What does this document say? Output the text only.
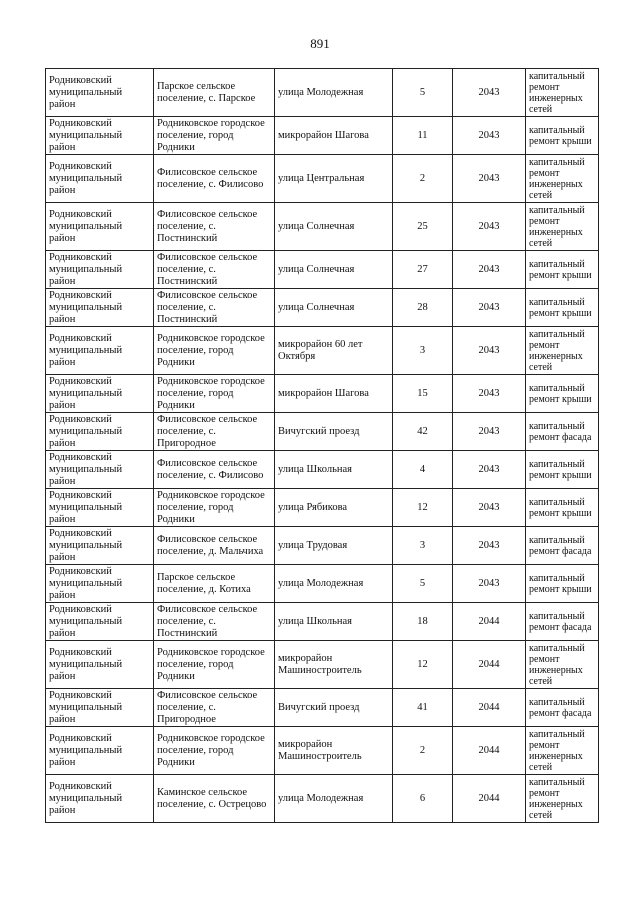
891
Родниковский муниципальный район	Парское сельское поселение, с. Парское	улица Молодежная	5	2043	капитальный ремонт инженерных сетей
Родниковский муниципальный район	Родниковское городское поселение, город Родники	микрорайон Шагова	11	2043	капитальный ремонт крыши
Родниковский муниципальный район	Филисовское сельское поселение, с. Филисово	улица Центральная	2	2043	капитальный ремонт инженерных сетей
Родниковский муниципальный район	Филисовское сельское поселение, с. Постнинский	улица Солнечная	25	2043	капитальный ремонт инженерных сетей
Родниковский муниципальный район	Филисовское сельское поселение, с. Постнинский	улица Солнечная	27	2043	капитальный ремонт крыши
Родниковский муниципальный район	Филисовское сельское поселение, с. Постнинский	улица Солнечная	28	2043	капитальный ремонт крыши
Родниковский муниципальный район	Родниковское городское поселение, город Родники	микрорайон 60 лет Октября	3	2043	капитальный ремонт инженерных сетей
Родниковский муниципальный район	Родниковское городское поселение, город Родники	микрорайон Шагова	15	2043	капитальный ремонт крыши
Родниковский муниципальный район	Филисовское сельское поселение, с. Пригородное	Вичугский проезд	42	2043	капитальный ремонт фасада
Родниковский муниципальный район	Филисовское сельское поселение, с. Филисово	улица Школьная	4	2043	капитальный ремонт крыши
Родниковский муниципальный район	Родниковское городское поселение, город Родники	улица Рябикова	12	2043	капитальный ремонт крыши
Родниковский муниципальный район	Филисовское сельское поселение, д. Мальчиха	улица Трудовая	3	2043	капитальный ремонт фасада
Родниковский муниципальный район	Парское сельское поселение, д. Котиха	улица Молодежная	5	2043	капитальный ремонт крыши
Родниковский муниципальный район	Филисовское сельское поселение, с. Постнинский	улица Школьная	18	2044	капитальный ремонт фасада
Родниковский муниципальный район	Родниковское городское поселение, город Родники	микрорайон Машиностроитель	12	2044	капитальный ремонт инженерных сетей
Родниковский муниципальный район	Филисовское сельское поселение, с. Пригородное	Вичугский проезд	41	2044	капитальный ремонт фасада
Родниковский муниципальный район	Родниковское городское поселение, город Родники	микрорайон Машиностроитель	2	2044	капитальный ремонт инженерных сетей
Родниковский муниципальный район	Каминское сельское поселение, с. Острецово	улица Молодежная	6	2044	капитальный ремонт инженерных сетей
